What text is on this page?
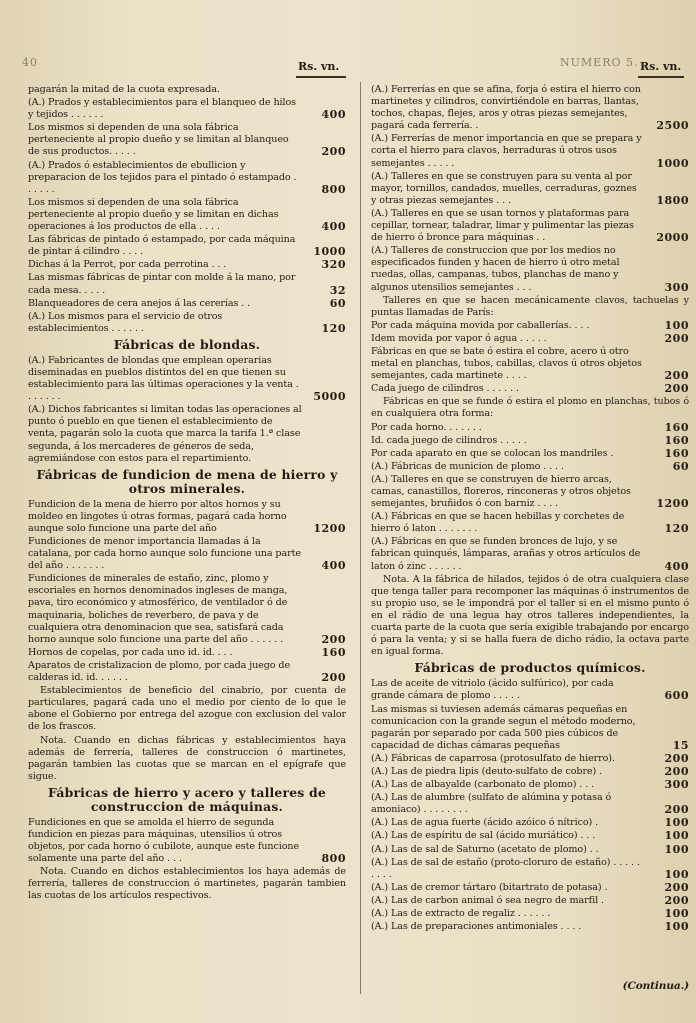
40	NUMERO 5.
Rs. vn.	Rs. vn.
pagarán la mitad de la cuota expresada.
(A.) Prados y establecimientos para el blanqueo de hilos y tejidos . . . . . .	400
Los mismos si dependen de una sola fábrica perteneciente al propio dueño y se limitan al blanqueo de sus productos. . . . .	200
(A.) Prados ó establecimientos de ebullicion y preparacion de los tejidos para el pintado ó estampado . . . . . .	800
Los mismos si dependen de una sola fábrica perteneciente al propio dueño y se limitan en dichas operaciones á los productos de ella . . . .	400
Las fábricas de pintado ó estampado, por cada máquina de pintar á cilindro . . . .	1000
Dichas á la Perrot, por cada perrotina . . .	320
Las mismas fábricas de pintar con molde á la mano, por cada mesa. . . . .	32
Blanqueadores de cera anejos á las cererías . .	60
(A.) Los mismos para el servicio de otros establecimientos . . . . . .	120
Fábricas de blondas.
(A.) Fabricantes de blondas que emplean operarias diseminadas en pueblos distintos del en que tienen su establecimiento para las últimas operaciones y la venta . . . . . . .	5000
(A.) Dichos fabricantes si limitan todas las operaciones al punto ó pueblo en que tienen el establecimiento de venta, pagarán solo la cuota que marca la tarifa 1.ª clase segunda, á los mercaderes de géneros de seda, agremiándose con estos para el repartimiento.
Fábricas de fundicion de mena de hierro y otros minerales.
Fundicion de la mena de hierro por altos hornos y su moldeo en lingotes ú otras formas, pagará cada horno aunque solo funcione una parte del año	1200
Fundiciones de menor importancia llamadas á la catalana, por cada horno aunque solo funcione una parte del año . . . . . . .	400
Fundiciones de minerales de estaño, zinc, plomo y escoriales en hornos denominados ingleses de manga, pava, tiro económico y atmosférico, de ventilador ó de maquinaria, boliches de reverbero, de pava y de cualquiera otra denominacion que sea, satisfará cada horno aunque solo funcione una parte del año . . . . . .	200
Hornos de copelas, por cada uno id. id. . . .	160
Aparatos de cristalizacion de plomo, por cada juego de calderas id. id. . . . . .	200
Establecimientos de beneficio del cinabrio, por cuenta de particulares, pagará cada uno el medio por ciento de lo que le abone el Gobierno por entrega del azogue con exclusion del valor de los frascos.
Nota. Cuando en dichas fábricas y establecimientos haya además de ferrería, talleres de construccion ó martinetes, pagarán tambien las cuotas que se marcan en el epígrafe que sigue.
Fábricas de hierro y acero y talleres de construccion de máquinas.
Fundiciones en que se amolda el hierro de segunda fundicion en piezas para máquinas, utensilios ú otros objetos, por cada horno ó cubilote, aunque este funcione solamente una parte del año . . .	800
Nota. Cuando en dichos establecimientos los haya además de ferrería, talleres de construccion ó martinetes, pagarán tambien las cuotas de los artículos respectivos.
(A.) Ferrerías en que se afina, forja ó estira el hierro con martinetes y cilindros, convirtiéndole en barras, llantas, tochos, chapas, flejes, aros y otras piezas semejantes, pagará cada ferrería. .	2500
(A.) Ferrerías de menor importancia en que se prepara y corta el hierro para clavos, herraduras ú otros usos semejantes . . . . .	1000
(A.) Talleres en que se construyen para su venta al por mayor, tornillos, candados, muelles, cerraduras, goznes y otras piezas semejantes . . .	1800
(A.) Talleres en que se usan tornos y plataformas para cepillar, tornear, taladrar, limar y pulimentar las piezas de hierro ó bronce para máquinas . .	2000
(A.) Talleres de construccion que por los medios no especificados funden y hacen de hierro ú otro metal ruedas, ollas, campanas, tubos, planchas de mano y algunos utensilios semejantes . . .	300
Talleres en que se hacen mecánicamente clavos, tachuelas y puntas llamadas de París:
Por cada máquina movida por caballerías. . . .	100
Idem movida por vapor ó agua . . . . .	200
Fábricas en que se bate ó estira el cobre, acero ú otro metal en planchas, tubos, cabillas, clavos ú otros objetos semejantes, cada martinete . . . .	200
Cada juego de cilindros . . . . . .	200
Fábricas en que se funde ó estira el plomo en planchas, tubos ó en cualquiera otra forma:
Por cada horno. . . . . . .	160
Id. cada juego de cilindros . . . . .	160
Por cada aparato en que se colocan los mandriles .	160
(A.) Fábricas de municion de plomo . . . .	60
(A.) Talleres en que se construyen de hierro arcas, camas, canastillos, floreros, rinconeras y otros objetos semejantes, bruñidos ó con barniz . . . .	1200
(A.) Fábricas en que se hacen hebillas y corchetes de hierro ó laton . . . . . . .	120
(A.) Fábricas en que se funden bronces de lujo, y se fabrican quinqués, lámparas, arañas y otros artículos de laton ó zinc . . . . . .	400
Nota. A la fábrica de hilados, tejidos ó de otra cualquiera clase que tenga taller para recomponer las máquinas ó instrumentos de su propio uso, se le impondrá por el taller si en el mismo punto ó en el rádio de una legua hay otros talleres independientes, la cuarta parte de la cuota que sería exigible trabajando por encargo ó para la venta; y si se halla fuera de dicho rádio, la octava parte en igual forma.
Fábricas de productos químicos.
Las de aceite de vitriolo (ácido sulfúrico), por cada grande cámara de plomo . . . . .	600
Las mismas si tuviesen además cámaras pequeñas en comunicacion con la grande segun el método moderno, pagarán por separado por cada 500 pies cúbicos de capacidad de dichas cámaras pequeñas	15
(A.) Fábricas de caparrosa (protosulfato de hierro).	200
(A.) Las de piedra lipis (deuto-sulfato de cobre) .	200
(A.) Las de albayalde (carbonato de plomo) . . .	300
(A.) Las de alumbre (sulfato de alúmina y potasa ó amoniaco) . . . . . . . .	200
(A.) Las de agua fuerte (ácido azóico ó nítrico) .	100
(A.) Las de espíritu de sal (ácido muriático) . . .	100
(A.) Las de sal de Saturno (acetato de plomo) . .	100
(A.) Las de sal de estaño (proto-cloruro de estaño) . . . . . . . . .	100
(A.) Las de cremor tártaro (bitartrato de potasa) .	200
(A.) Las de carbon animal ó sea negro de marfil .	200
(A.) Las de extracto de regaliz . . . . . .	100
(A.) Las de preparaciones antimoniales . . . .	100
(Continua.)
